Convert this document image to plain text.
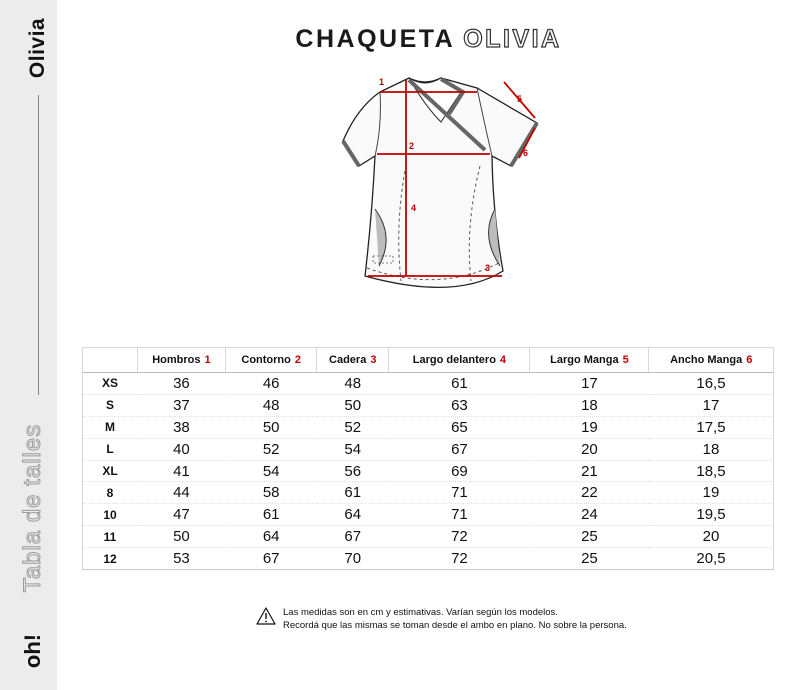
Olivia
Tabla de talles
oh!
CHAQUETA OLIVIA
1
2
3
4
5
6
	Hombros 1	Contorno 2	Cadera 3	Largo delantero 4	Largo Manga 5	Ancho Manga 6
XS	36	46	48	61	17	16,5
S	37	48	50	63	18	17
M	38	50	52	65	19	17,5
L	40	52	54	67	20	18
XL	41	54	56	69	21	18,5
8	44	58	61	71	22	19
10	47	61	64	71	24	19,5
11	50	64	67	72	25	20
12	53	67	70	72	25	20,5
Las medidas son en cm y estimativas. Varían según los modelos.
Recordá que las mismas se toman desde el ambo en plano. No sobre la persona.
